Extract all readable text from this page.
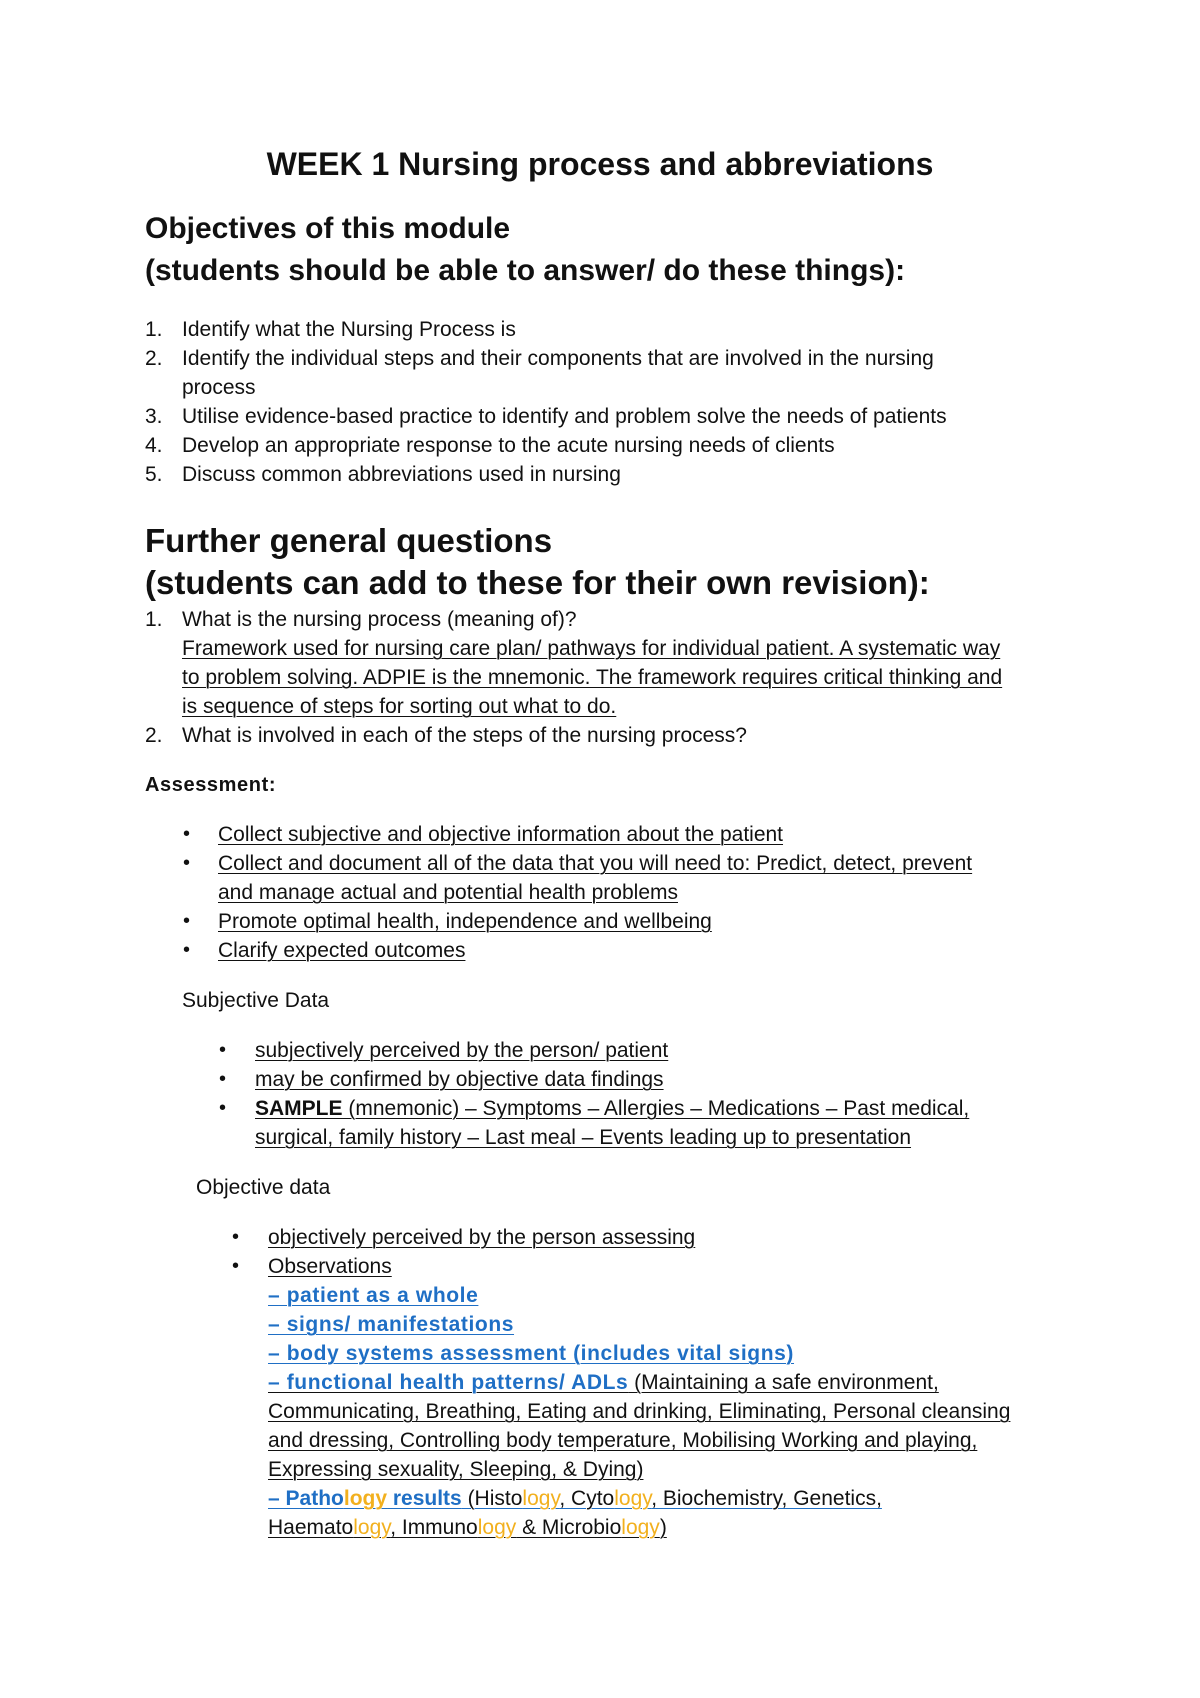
WEEK 1 Nursing process and abbreviations
Objectives of this module
(students should be able to answer/ do these things):
1. Identify what the Nursing Process is
2. Identify the individual steps and their components that are involved in the nursing
process
3. Utilise evidence-based practice to identify and problem solve the needs of patients
4. Develop an appropriate response to the acute nursing needs of clients
5. Discuss common abbreviations used in nursing
Further general questions
(students can add to these for their own revision):
1. What is the nursing process (meaning of)?
Framework used for nursing care plan/ pathways for individual patient. A systematic way
to problem solving. ADPIE is the mnemonic. The framework requires critical thinking and
is sequence of steps for sorting out what to do.
2. What is involved in each of the steps of the nursing process?
Assessment:
• Collect subjective and objective information about the patient
• Collect and document all of the data that you will need to: Predict, detect, prevent
and manage actual and potential health problems
• Promote optimal health, independence and wellbeing
• Clarify expected outcomes
Subjective Data
• subjectively perceived by the person/ patient
• may be confirmed by objective data findings
• SAMPLE (mnemonic) – Symptoms – Allergies – Medications – Past medical,
surgical, family history – Last meal – Events leading up to presentation
Objective data
• objectively perceived by the person assessing
• Observations
– patient as a whole
– signs/ manifestations
– body systems assessment (includes vital signs)
– functional health patterns/ ADLs (Maintaining a safe environment,
Communicating, Breathing, Eating and drinking, Eliminating, Personal cleansing
and dressing, Controlling body temperature, Mobilising Working and playing,
Expressing sexuality, Sleeping, & Dying)
– Pathology results (Histology, Cytology, Biochemistry, Genetics,
Haematology, Immunology & Microbiology)
